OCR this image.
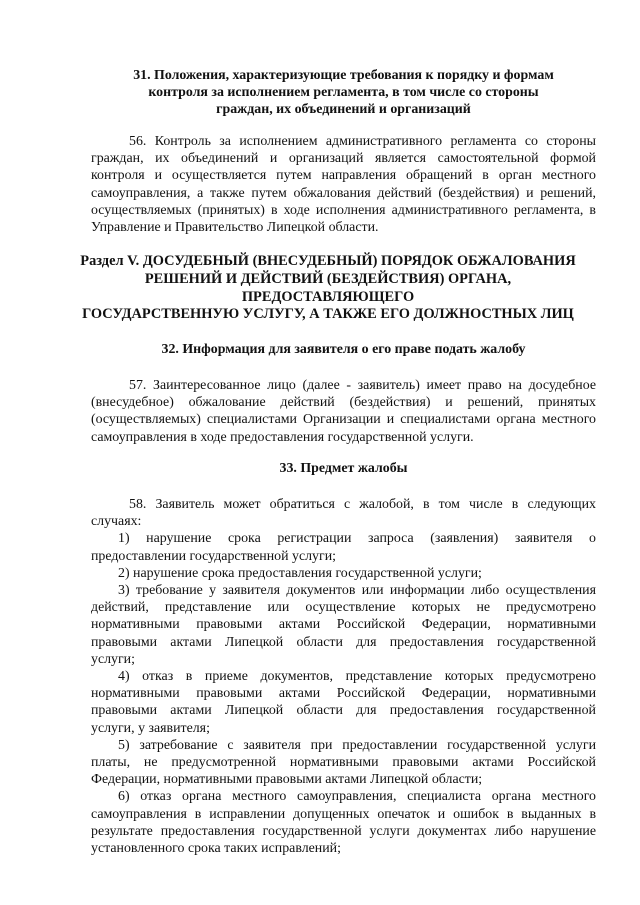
31. Положения, характеризующие требования к порядку и формам
контроля за исполнением регламента, в том числе со стороны
граждан, их объединений и организаций
56. Контроль за исполнением административного регламента со стороны
граждан, их объединений и организаций является самостоятельной формой
контроля и осуществляется путем направления обращений в орган местного
самоуправления, а также путем обжалования действий (бездействия) и решений,
осуществляемых (принятых) в ходе исполнения административного регламента, в
Управление и Правительство Липецкой области.
Раздел V. ДОСУДЕБНЫЙ (ВНЕСУДЕБНЫЙ) ПОРЯДОК ОБЖАЛОВАНИЯ
РЕШЕНИЙ И ДЕЙСТВИЙ (БЕЗДЕЙСТВИЯ) ОРГАНА,
ПРЕДОСТАВЛЯЮЩЕГО
ГОСУДАРСТВЕННУЮ УСЛУГУ, А ТАКЖЕ ЕГО ДОЛЖНОСТНЫХ ЛИЦ
32. Информация для заявителя о его праве подать жалобу
57. Заинтересованное лицо (далее - заявитель) имеет право на досудебное
(внесудебное) обжалование действий (бездействия) и решений, принятых
(осуществляемых) специалистами Организации и специалистами органа местного
самоуправления в ходе предоставления государственной услуги.
33. Предмет жалобы
58. Заявитель может обратиться с жалобой, в том числе в следующих
случаях:
1) нарушение срока регистрации запроса (заявления) заявителя о
предоставлении государственной услуги;
2) нарушение срока предоставления государственной услуги;
3) требование у заявителя документов или информации либо осуществления
действий, представление или осуществление которых не предусмотрено
нормативными правовыми актами Российской Федерации, нормативными
правовыми актами Липецкой области для предоставления государственной
услуги;
4) отказ в приеме документов, представление которых предусмотрено
нормативными правовыми актами Российской Федерации, нормативными
правовыми актами Липецкой области для предоставления государственной
услуги, у заявителя;
5) затребование с заявителя при предоставлении государственной услуги
платы, не предусмотренной нормативными правовыми актами Российской
Федерации, нормативными правовыми актами Липецкой области;
6) отказ органа местного самоуправления, специалиста органа местного
самоуправления в исправлении допущенных опечаток и ошибок в выданных в
результате предоставления государственной услуги документах либо нарушение
установленного срока таких исправлений;
